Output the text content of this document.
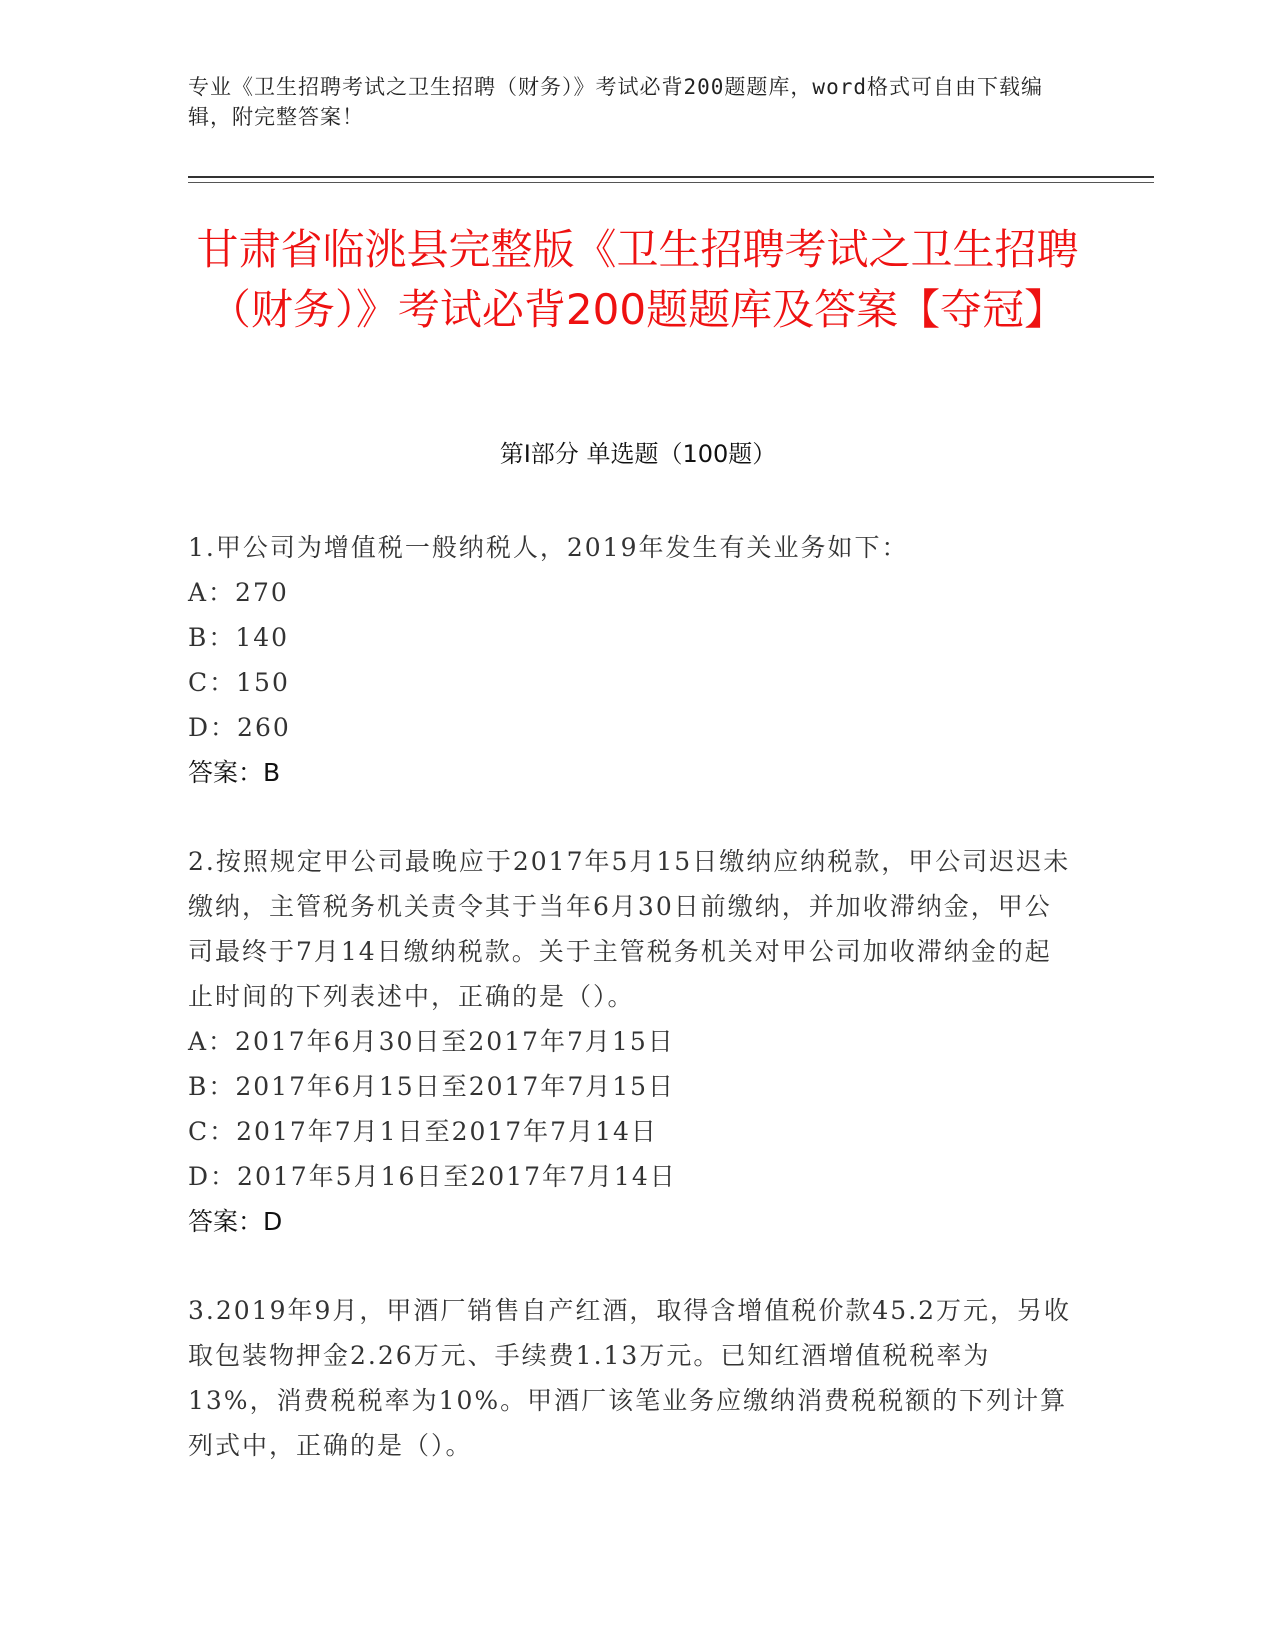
专业《卫生招聘考试之卫生招聘（财务）》考试必背200题题库，word格式可自由下载编辑，附完整答案！
甘肃省临洮县完整版《卫生招聘考试之卫生招聘（财务）》考试必背200题题库及答案【夺冠】
第Ⅰ部分 单选题（100题）
1.甲公司为增值税一般纳税人，2019年发生有关业务如下：
A：270
B：140
C：150
D：260
答案：B
2.按照规定甲公司最晚应于2017年5月15日缴纳应纳税款，甲公司迟迟未缴纳，主管税务机关责令其于当年6月30日前缴纳，并加收滞纳金，甲公司最终于7月14日缴纳税款。关于主管税务机关对甲公司加收滞纳金的起止时间的下列表述中，正确的是（）。
A：2017年6月30日至2017年7月15日
B：2017年6月15日至2017年7月15日
C：2017年7月1日至2017年7月14日
D：2017年5月16日至2017年7月14日
答案：D
3.2019年9月，甲酒厂销售自产红酒，取得含增值税价款45.2万元，另收取包装物押金2.26万元、手续费1.13万元。已知红酒增值税税率为13%，消费税税率为10%。甲酒厂该笔业务应缴纳消费税税额的下列计算列式中，正确的是（）。
